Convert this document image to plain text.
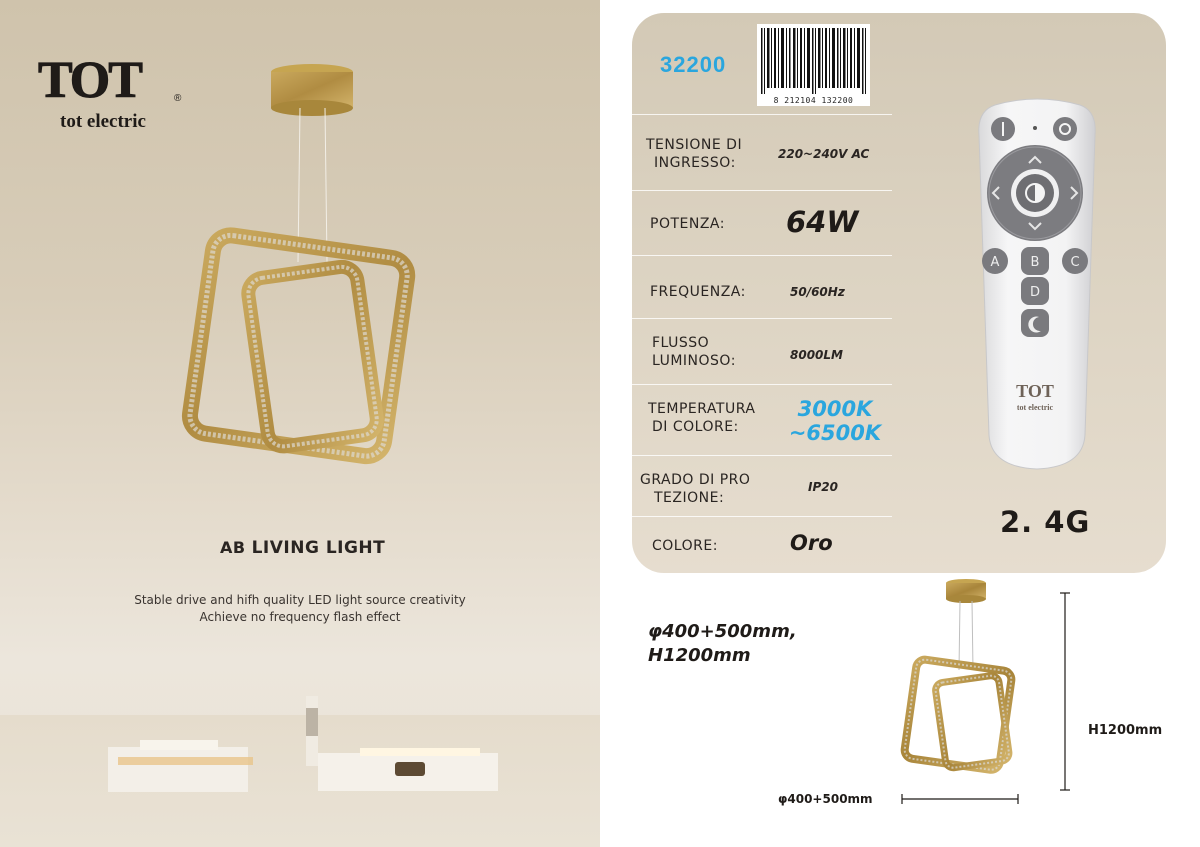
TOT	®
tot electric
AB LIVING LIGHT
Stable drive and hifh quality LED light source creativity
Achieve no frequency flash effect
32200
8 212104 132200
TENSIONE DI
INGRESSO:
220~240V AC
POTENZA: 64W
FREQUENZA:	50/60Hz
FLUSSO
LUMINOSO:	8000LM
TEMPERATURA
DI COLORE:
3000K
~6500K
GRADO DI PRO
TEZIONE:
IP20
COLORE:	Oro
A B C
D
TOT
tot electric
2. 4G
φ400+500mm,
H1200mm
H1200mm
φ400+500mm
